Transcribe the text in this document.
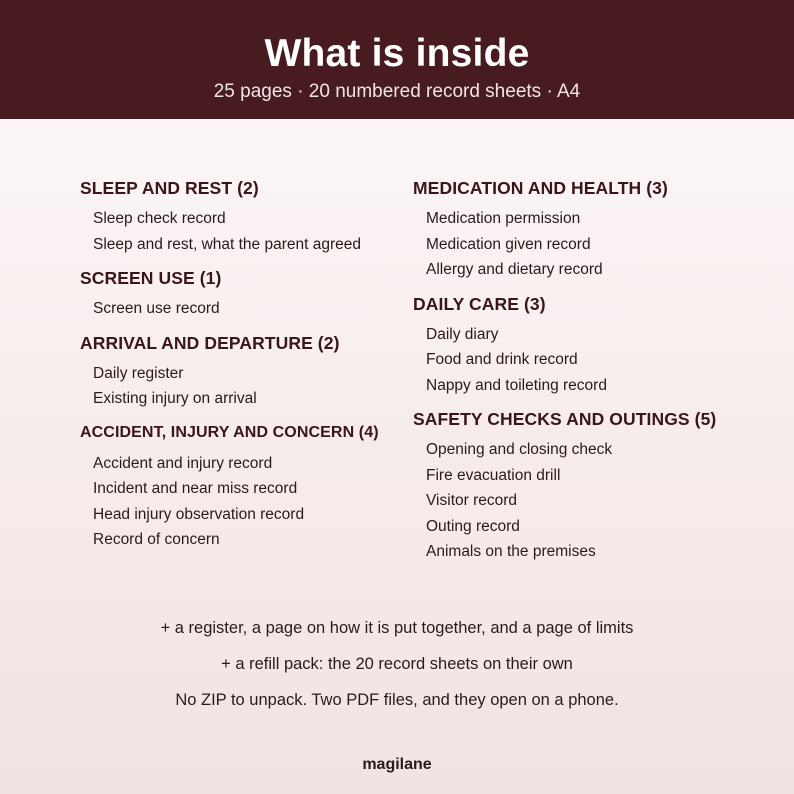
What is inside
25 pages · 20 numbered record sheets · A4
SLEEP AND REST (2)
Sleep check record
Sleep and rest, what the parent agreed
SCREEN USE (1)
Screen use record
ARRIVAL AND DEPARTURE (2)
Daily register
Existing injury on arrival
ACCIDENT, INJURY AND CONCERN (4)
Accident and injury record
Incident and near miss record
Head injury observation record
Record of concern
MEDICATION AND HEALTH (3)
Medication permission
Medication given record
Allergy and dietary record
DAILY CARE (3)
Daily diary
Food and drink record
Nappy and toileting record
SAFETY CHECKS AND OUTINGS (5)
Opening and closing check
Fire evacuation drill
Visitor record
Outing record
Animals on the premises
+ a register, a page on how it is put together, and a page of limits
+ a refill pack: the 20 record sheets on their own
No ZIP to unpack. Two PDF files, and they open on a phone.
magilane
